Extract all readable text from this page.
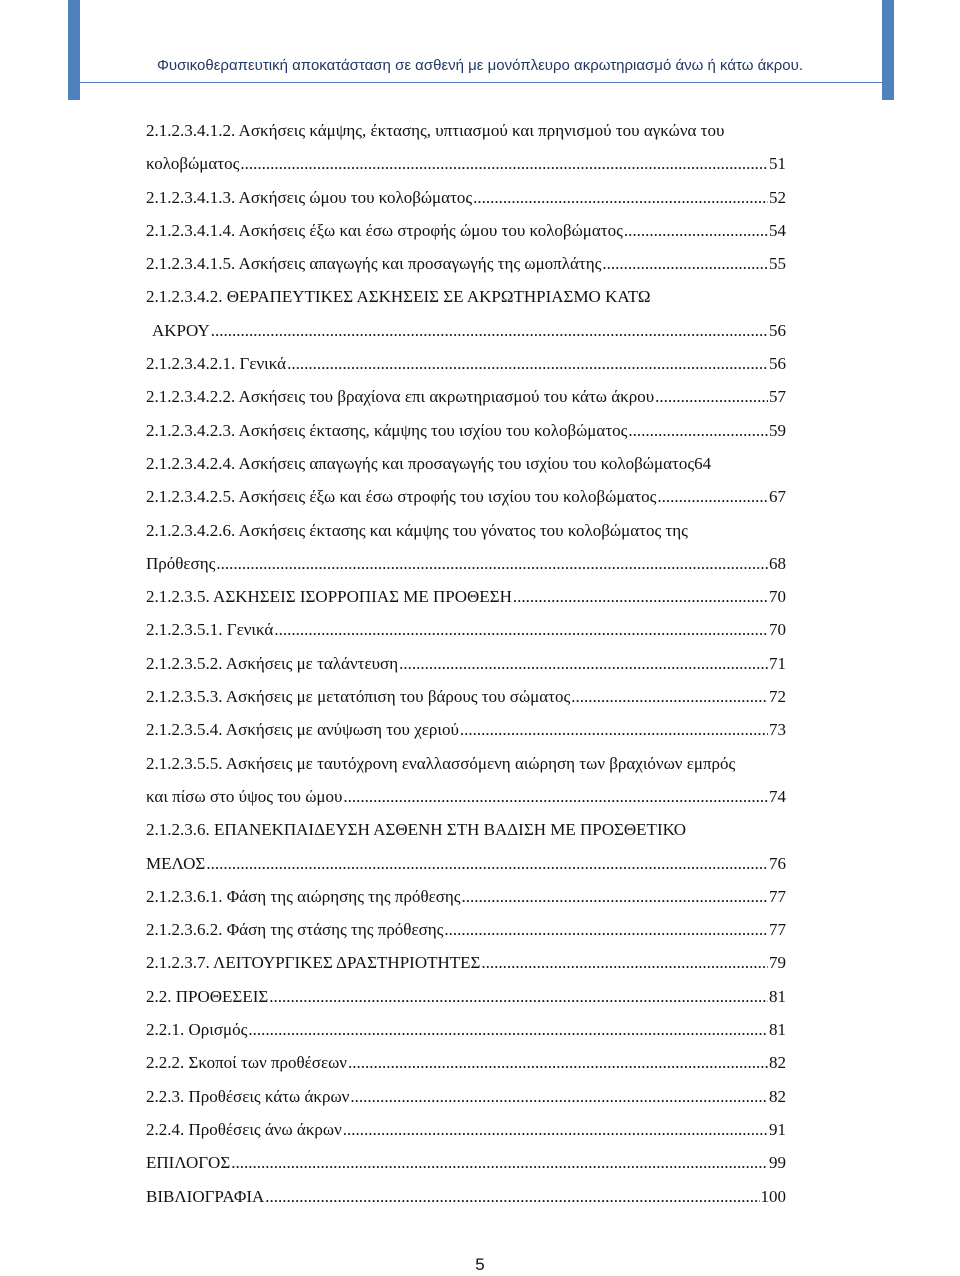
Φυσικοθεραπευτική αποκατάσταση σε ασθενή με μονόπλευρο ακρωτηριασμό άνω ή κάτω άκρου.
2.1.2.3.4.1.2. Ασκήσεις κάμψης, έκτασης, υπτιασμού και πρηνισμού του αγκώνα του
κολοβώματος .....	51
2.1.2.3.4.1.3. Ασκήσεις ώμου του κολοβώματος .....	52
2.1.2.3.4.1.4. Ασκήσεις έξω και έσω στροφής ώμου του κολοβώματος .....	54
2.1.2.3.4.1.5. Ασκήσεις απαγωγής και προσαγωγής της ωμοπλάτης .....	55
2.1.2.3.4.2. ΘΕΡΑΠΕΥΤΙΚΕΣ ΑΣΚΗΣΕΙΣ ΣΕ ΑΚΡΩΤΗΡΙΑΣΜΟ ΚΑΤΩ
ΑΚΡΟΥ .....	56
2.1.2.3.4.2.1. Γενικά .....	56
2.1.2.3.4.2.2. Ασκήσεις του βραχίονα επι ακρωτηριασμού του κάτω άκρου .....	57
2.1.2.3.4.2.3. Ασκήσεις έκτασης, κάμψης του ισχίου του κολοβώματος .....	59
2.1.2.3.4.2.4. Ασκήσεις απαγωγής και προσαγωγής του ισχίου του κολοβώματος 64
2.1.2.3.4.2.5. Ασκήσεις έξω και έσω στροφής του ισχίου του κολοβώματος .....	67
2.1.2.3.4.2.6. Ασκήσεις έκτασης και κάμψης του γόνατος του κολοβώματος της
Πρόθεσης .....	68
2.1.2.3.5. ΑΣΚΗΣΕΙΣ ΙΣΟΡΡΟΠΙΑΣ ΜΕ ΠΡΟΘΕΣΗ .....	70
2.1.2.3.5.1. Γενικά .....	70
2.1.2.3.5.2. Ασκήσεις με ταλάντευση .....	71
2.1.2.3.5.3. Ασκήσεις με μετατόπιση του βάρους του σώματος .....	72
2.1.2.3.5.4. Ασκήσεις με ανύψωση του χεριού .....	73
2.1.2.3.5.5. Ασκήσεις με ταυτόχρονη εναλλασσόμενη αιώρηση των βραχιόνων εμπρός
και πίσω στο ύψος του ώμου .....	74
2.1.2.3.6. ΕΠΑΝΕΚΠΑΙΔΕΥΣΗ ΑΣΘΕΝΗ ΣΤΗ ΒΑΔΙΣΗ ΜΕ ΠΡΟΣΘΕΤΙΚΟ
ΜΕΛΟΣ .....	76
2.1.2.3.6.1. Φάση της αιώρησης της πρόθεσης .....	77
2.1.2.3.6.2. Φάση της στάσης της πρόθεσης .....	77
2.1.2.3.7. ΛΕΙΤΟΥΡΓΙΚΕΣ ΔΡΑΣΤΗΡΙΟΤΗΤΕΣ .....	79
2.2. ΠΡΟΘΕΣΕΙΣ .....	81
2.2.1. Ορισμός .....	81
2.2.2. Σκοποί των προθέσεων .....	82
2.2.3. Προθέσεις κάτω άκρων .....	82
2.2.4. Προθέσεις άνω άκρων .....	91
ΕΠΙΛΟΓΟΣ .....	99
ΒΙΒΛΙΟΓΡΑΦΙΑ .....	100
5
